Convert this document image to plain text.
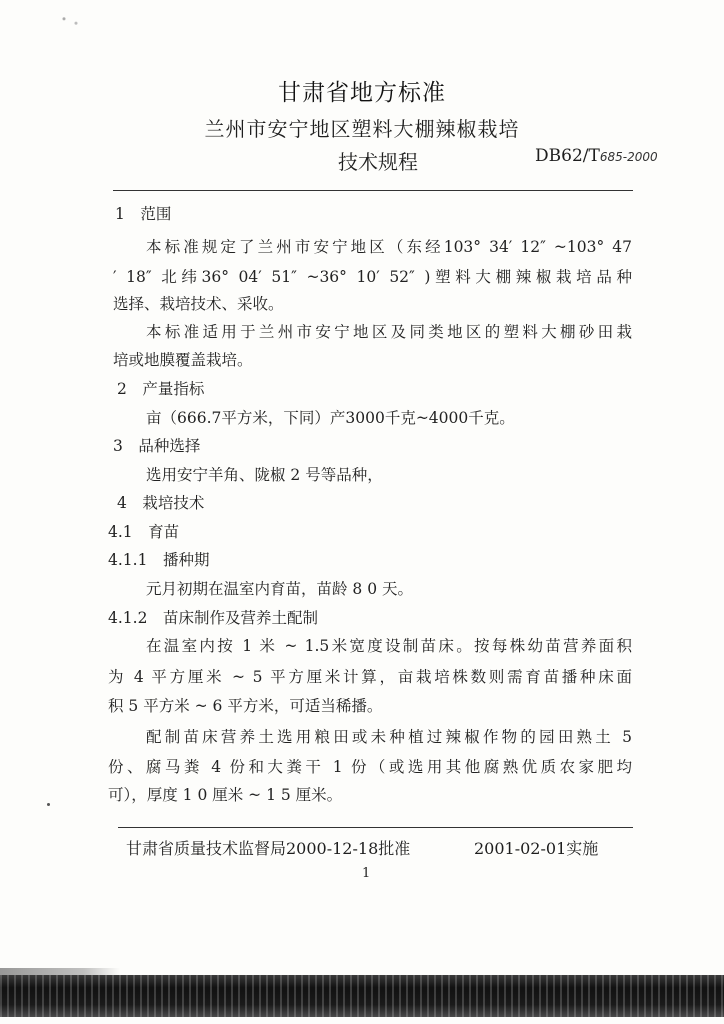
甘肃省地方标准
兰州市安宁地区塑料大棚辣椒栽培
技术规程	DB62/T685-2000
1　范围
本标准规定了兰州市安宁地区（东经103° 34′ 12″ ~103° 47
′ 18″ 北纬36° 04′ 51″ ~36° 10′ 52″ )塑料大棚辣椒栽培品种
选择、栽培技术、采收。
本标准适用于兰州市安宁地区及同类地区的塑料大棚砂田栽
培或地膜覆盖栽培。
2　产量指标
亩（666.7平方米，下同）产3000千克~4000千克。
3　品种选择
选用安宁羊角、陇椒 2 号等品种，
4　栽培技术
4.1　育苗
4.1.1　播种期
元月初期在温室内育苗，苗龄 8 0 天。
4.1.2　苗床制作及营养土配制
在温室内按 1 米 ~ 1.5米宽度设制苗床。按每株幼苗营养面积
为 4 平方厘米 ~ 5 平方厘米计算，亩栽培株数则需育苗播种床面
积 5 平方米 ~ 6 平方米，可适当稀播。
配制苗床营养土选用粮田或未种植过辣椒作物的园田熟土 5
份、腐马粪 4 份和大粪干 1 份（或选用其他腐熟优质农家肥均
可），厚度 1 0 厘米 ~ 1 5 厘米。
甘肃省质量技术监督局2000-12-18批准	2001-02-01实施
1
